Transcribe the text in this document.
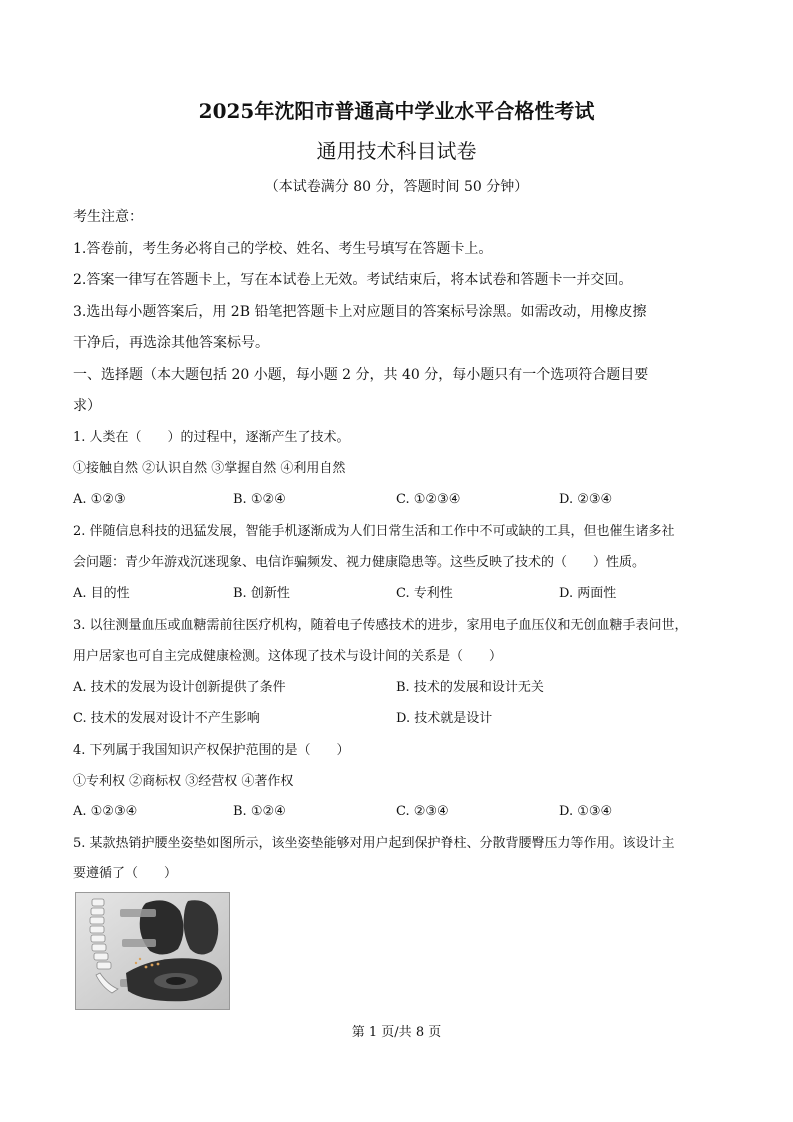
2025年沈阳市普通高中学业水平合格性考试
通用技术科目试卷
（本试卷满分 80 分，答题时间 50 分钟）
考生注意：
1.答卷前，考生务必将自己的学校、姓名、考生号填写在答题卡上。
2.答案一律写在答题卡上，写在本试卷上无效。考试结束后，将本试卷和答题卡一并交回。
3.选出每小题答案后，用 2B 铅笔把答题卡上对应题目的答案标号涂黑。如需改动，用橡皮擦
干净后，再选涂其他答案标号。
一、选择题（本大题包括 20 小题，每小题 2 分，共 40 分，每小题只有一个选项符合题目要
求）
1. 人类在（　　）的过程中，逐渐产生了技术。
①接触自然 ②认识自然 ③掌握自然 ④利用自然
A. ①②③	B. ①②④	C. ①②③④	D. ②③④
2. 伴随信息科技的迅猛发展，智能手机逐渐成为人们日常生活和工作中不可或缺的工具，但也催生诸多社
会问题：青少年游戏沉迷现象、电信诈骗频发、视力健康隐患等。这些反映了技术的（　　）性质。
A. 目的性	B. 创新性	C. 专利性	D. 两面性
3. 以往测量血压或血糖需前往医疗机构，随着电子传感技术的进步，家用电子血压仪和无创血糖手表问世，
用户居家也可自主完成健康检测。这体现了技术与设计间的关系是（　　）
A. 技术的发展为设计创新提供了条件	B. 技术的发展和设计无关
C. 技术的发展对设计不产生影响	D. 技术就是设计
4. 下列属于我国知识产权保护范围的是（　　）
①专利权 ②商标权 ③经营权 ④著作权
A. ①②③④	B. ①②④	C. ②③④	D. ①③④
5. 某款热销护腰坐姿垫如图所示，该坐姿垫能够对用户起到保护脊柱、分散背腰臀压力等作用。该设计主
要遵循了（　　）
第 1 页/共 8 页
